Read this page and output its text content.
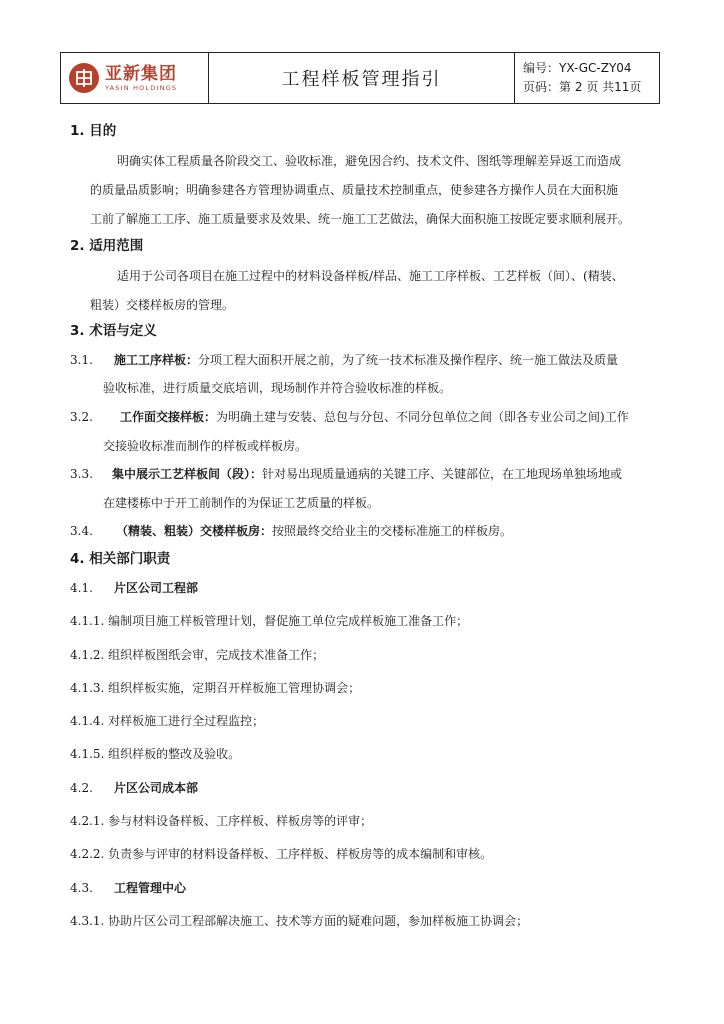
亚新集团
YASIN HOLDINGS	工程样板管理指引
编号：YX-GC-ZY04
页码：第 2 页 共11页
1. 目的
明确实体工程质量各阶段交工、验收标准，避免因合约、技术文件、图纸等理解差异返工而造成
的质量品质影响；明确参建各方管理协调重点、质量技术控制重点，使参建各方操作人员在大面积施
工前了解施工工序、施工质量要求及效果、统一施工工艺做法，确保大面积施工按既定要求顺利展开。
2. 适用范围
适用于公司各项目在施工过程中的材料设备样板/样品、施工工序样板、工艺样板（间）、(精装、
粗装）交楼样板房的管理。
3. 术语与定义
3.1. 施工工序样板：分项工程大面积开展之前，为了统一技术标准及操作程序、统一施工做法及质量
验收标准，进行质量交底培训，现场制作并符合验收标准的样板。
3.2. 工作面交接样板：为明确土建与安装、总包与分包、不同分包单位之间（即各专业公司之间)工作
交接验收标准而制作的样板或样板房。
3.3. 集中展示工艺样板间（段）：针对易出现质量通病的关键工序、关键部位，在工地现场单独场地或
在建楼栋中于开工前制作的为保证工艺质量的样板。
3.4. （精装、粗装）交楼样板房：按照最终交给业主的交楼标准施工的样板房。
4. 相关部门职责
4.1. 片区公司工程部
4.1.1. 编制项目施工样板管理计划，督促施工单位完成样板施工准备工作；
4.1.2. 组织样板图纸会审，完成技术准备工作；
4.1.3. 组织样板实施，定期召开样板施工管理协调会；
4.1.4. 对样板施工进行全过程监控；
4.1.5. 组织样板的整改及验收。
4.2. 片区公司成本部
4.2.1. 参与材料设备样板、工序样板、样板房等的评审；
4.2.2. 负责参与评审的材料设备样板、工序样板、样板房等的成本编制和审核。
4.3. 工程管理中心
4.3.1. 协助片区公司工程部解决施工、技术等方面的疑难问题，参加样板施工协调会；
